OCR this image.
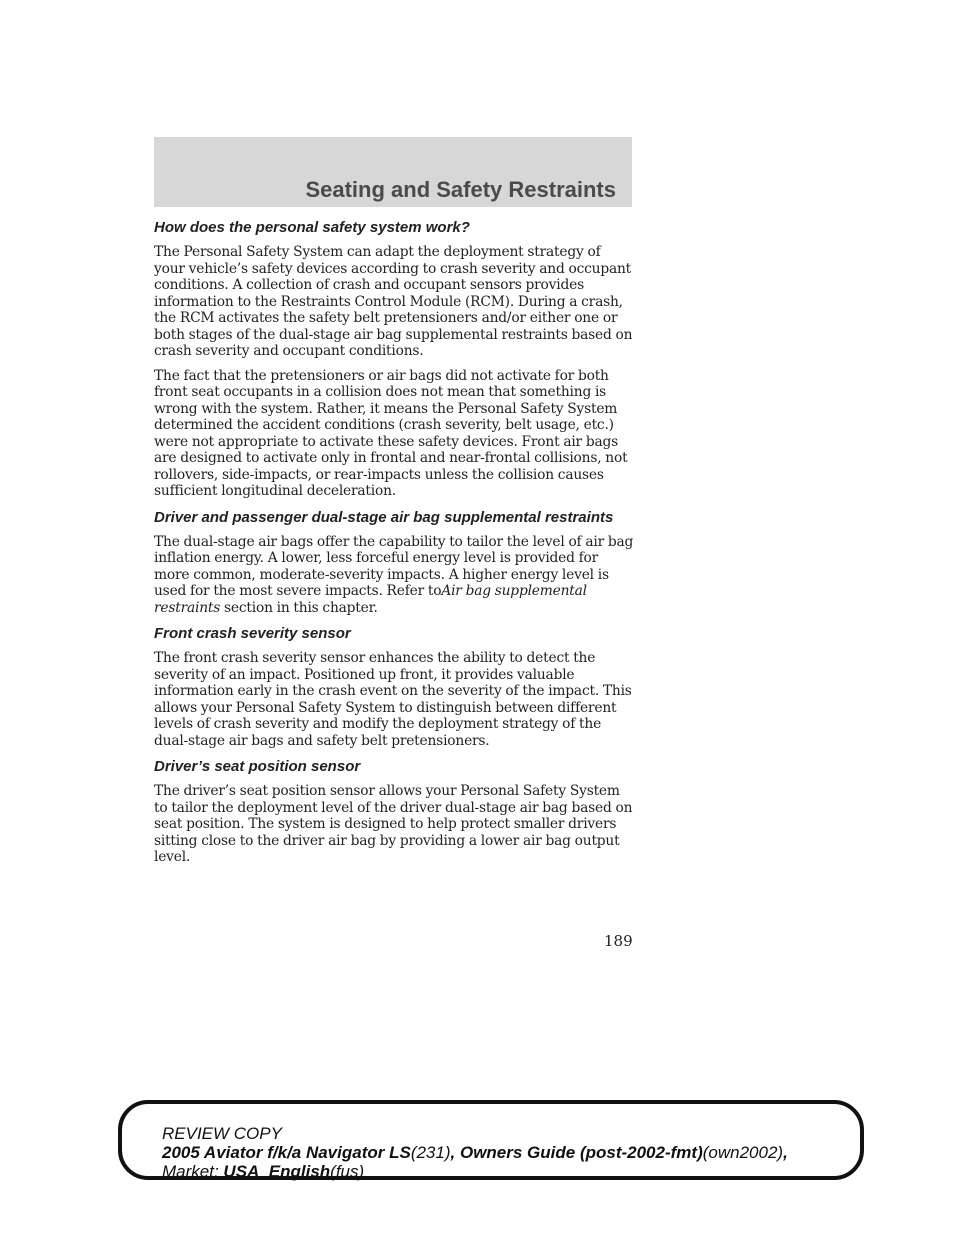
Seating and Safety Restraints
How does the personal safety system work?

The Personal Safety System can adapt the deployment strategy of your vehicle’s safety devices according to crash severity and occupant conditions. A collection of crash and occupant sensors provides information to the Restraints Control Module (RCM). During a crash, the RCM activates the safety belt pretensioners and/or either one or both stages of the dual-stage air bag supplemental restraints based on crash severity and occupant conditions.

The fact that the pretensioners or air bags did not activate for both front seat occupants in a collision does not mean that something is wrong with the system. Rather, it means the Personal Safety System determined the accident conditions (crash severity, belt usage, etc.) were not appropriate to activate these safety devices. Front air bags are designed to activate only in frontal and near-frontal collisions, not rollovers, side-impacts, or rear-impacts unless the collision causes sufficient longitudinal deceleration.

Driver and passenger dual-stage air bag supplemental restraints

The dual-stage air bags offer the capability to tailor the level of air bag inflation energy. A lower, less forceful energy level is provided for more common, moderate-severity impacts. A higher energy level is used for the most severe impacts. Refer toAir bag supplemental restraints section in this chapter.

Front crash severity sensor

The front crash severity sensor enhances the ability to detect the severity of an impact. Positioned up front, it provides valuable information early in the crash event on the severity of the impact. This allows your Personal Safety System to distinguish between different levels of crash severity and modify the deployment strategy of the dual-stage air bags and safety belt pretensioners.

Driver’s seat position sensor

The driver’s seat position sensor allows your Personal Safety System to tailor the deployment level of the driver dual-stage air bag based on seat position. The system is designed to help protect smaller drivers sitting close to the driver air bag by providing a lower air bag output level.

189
REVIEW COPY
2005 Aviator f/k/a Navigator LS(231), Owners Guide (post-2002-fmt)(own2002),
Market: USA_English(fus)
